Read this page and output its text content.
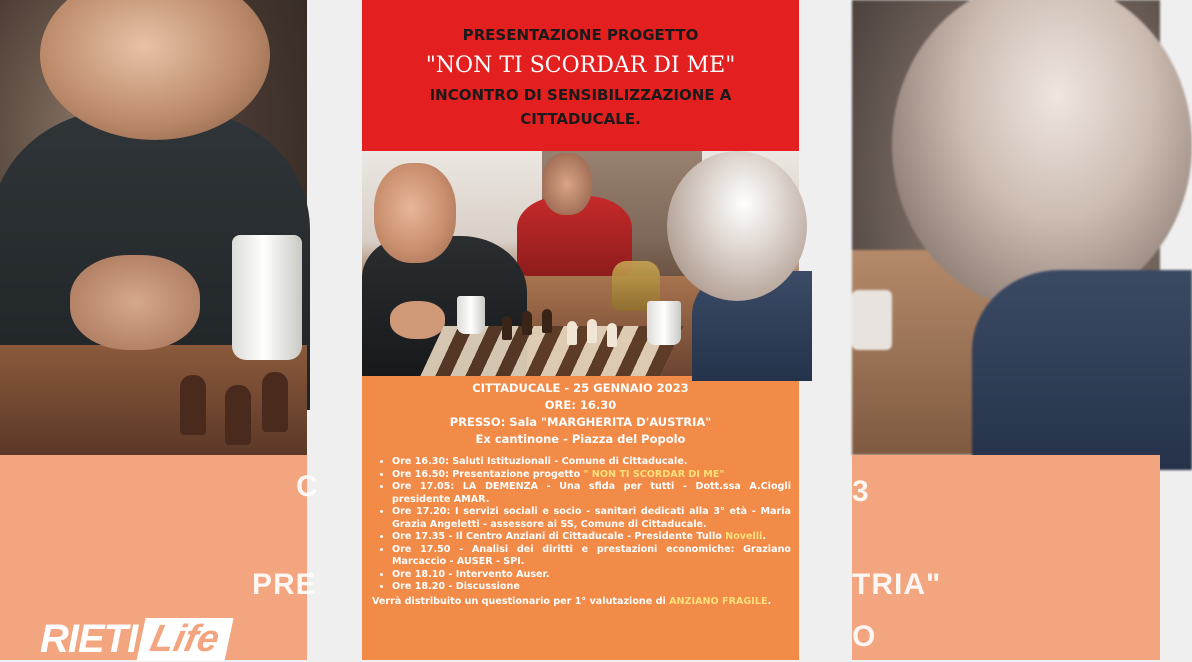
C
PRE
3
TRIA"
O
RIETI Life
PRESENTAZIONE PROGETTO
"NON TI SCORDAR DI ME"
INCONTRO DI SENSIBILIZZAZIONE A
CITTADUCALE.
CITTADUCALE - 25 GENNAIO 2023
ORE: 16.30
PRESSO: Sala "MARGHERITA D'AUSTRIA"
Ex cantinone - Piazza del Popolo
• Ore 16.30: Saluti Istituzionali - Comune di Cittaducale.
• Ore 16.50: Presentazione progetto " NON TI SCORDAR DI ME"
• Ore 17.05: LA DEMENZA - Una sfida per tutti - Dott.ssa A.Ciogli presidente AMAR.
• Ore 17.20: I servizi sociali e socio - sanitari dedicati alla 3° età - Maria Grazia Angeletti - assessore ai SS, Comune di Cittaducale.
• Ore 17.35 - Il Centro Anziani di Cittaducale - Presidente Tullo Novelli.
• Ore 17.50 - Analisi dei diritti e prestazioni economiche: Graziano Marcaccio - AUSER - SPI.
• Ore 18.10 - Intervento Auser.
• Ore 18.20 - Discussione
Verrà distribuito un questionario per 1° valutazione di ANZIANO FRAGILE.
